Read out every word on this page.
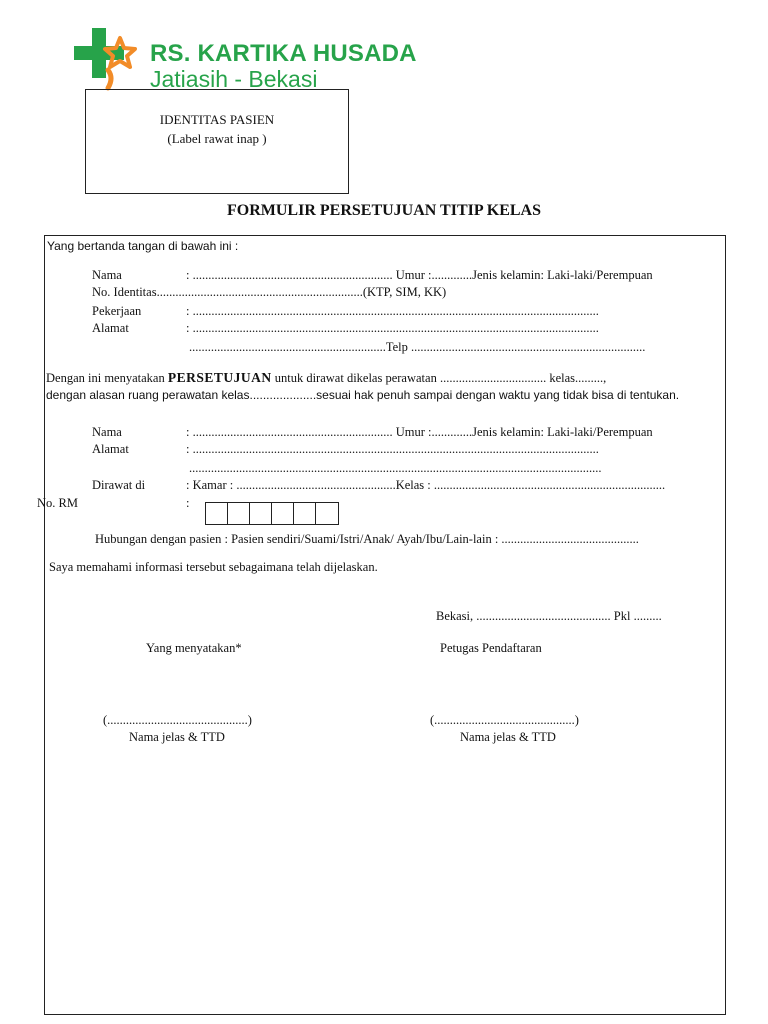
RS. KARTIKA HUSADA
Jatiasih - Bekasi
IDENTITAS PASIEN
(Label rawat inap )
FORMULIR PERSETUJUAN TITIP KELAS
Yang bertanda tangan di bawah ini :
Nama	: ................................................................ Umur :.............Jenis kelamin: Laki-laki/Perempuan
No. Identitas..................................................................(KTP, SIM, KK)
Pekerjaan	: ..................................................................................................................................
Alamat	: ..................................................................................................................................
...............................................................Telp ...........................................................................
Dengan ini menyatakan PERSETUJUAN untuk dirawat dikelas perawatan .................................. kelas.........,
dengan alasan ruang perawatan kelas....................sesuai hak penuh sampai dengan waktu yang tidak bisa di tentukan.
Nama	: ................................................................ Umur :.............Jenis kelamin: Laki-laki/Perempuan
Alamat	: ..................................................................................................................................
....................................................................................................................................
Dirawat di	: Kamar : ...................................................Kelas : ..........................................................................
No. RM	:
Hubungan dengan pasien : Pasien sendiri/Suami/Istri/Anak/ Ayah/Ibu/Lain-lain : ............................................
Saya memahami informasi tersebut sebagaimana telah dijelaskan.
Bekasi, ........................................... Pkl .........
Yang menyatakan*	Petugas Pendaftaran
(.............................................)	(.............................................)
Nama jelas & TTD	Nama jelas & TTD
